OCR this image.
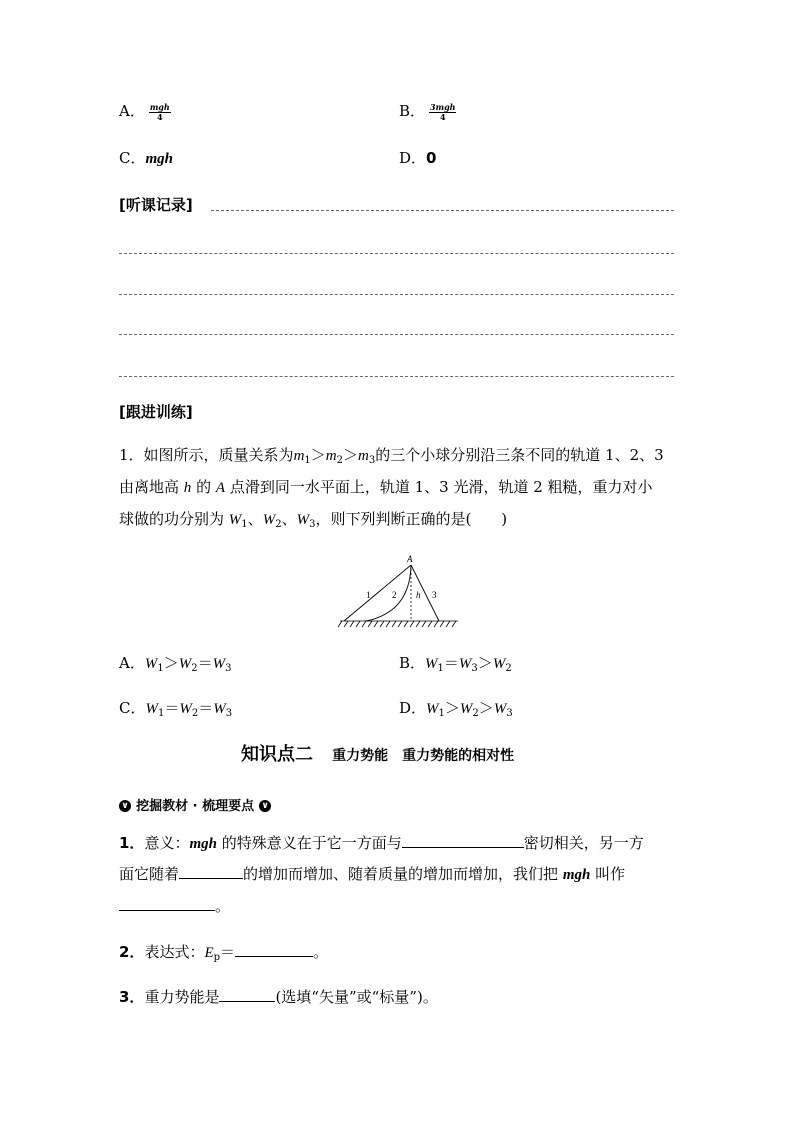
A． $\frac{\text{mgh}}{4}$	B． $\frac{\text{3mgh}}{4}$
C．mgh	D．0
[听课记录]
[跟进训练]
1．如图所示，质量关系为$m_1>m_2>m_3$的三个小球分别沿三条不同的轨道 1、2、3
由离地高 h 的 A 点滑到同一水平面上，轨道 1、3 光滑，轨道 2 粗糙，重力对小
球做的功分别为 $W_1$、$W_2$、$W_3$，则下列判断正确的是(　　)
A
1 2 h 3
A．$W_1>W_2=W_3$	B．$W_1=W_3>W_2$
C．$W_1=W_2=W_3$	D．$W_1>W_2>W_3$
知识点二 重力势能　重力势能的相对性
∨ 挖掘教材 · 梳理要点 ∨
1．意义：mgh 的特殊意义在于它一方面与	密切相关，另一方
面它随着	的增加而增加、随着质量的增加而增加，我们把 mgh 叫作
。
2．表达式：$E_p=$	。
3．重力势能是	(选填“矢量”或“标量”)。
